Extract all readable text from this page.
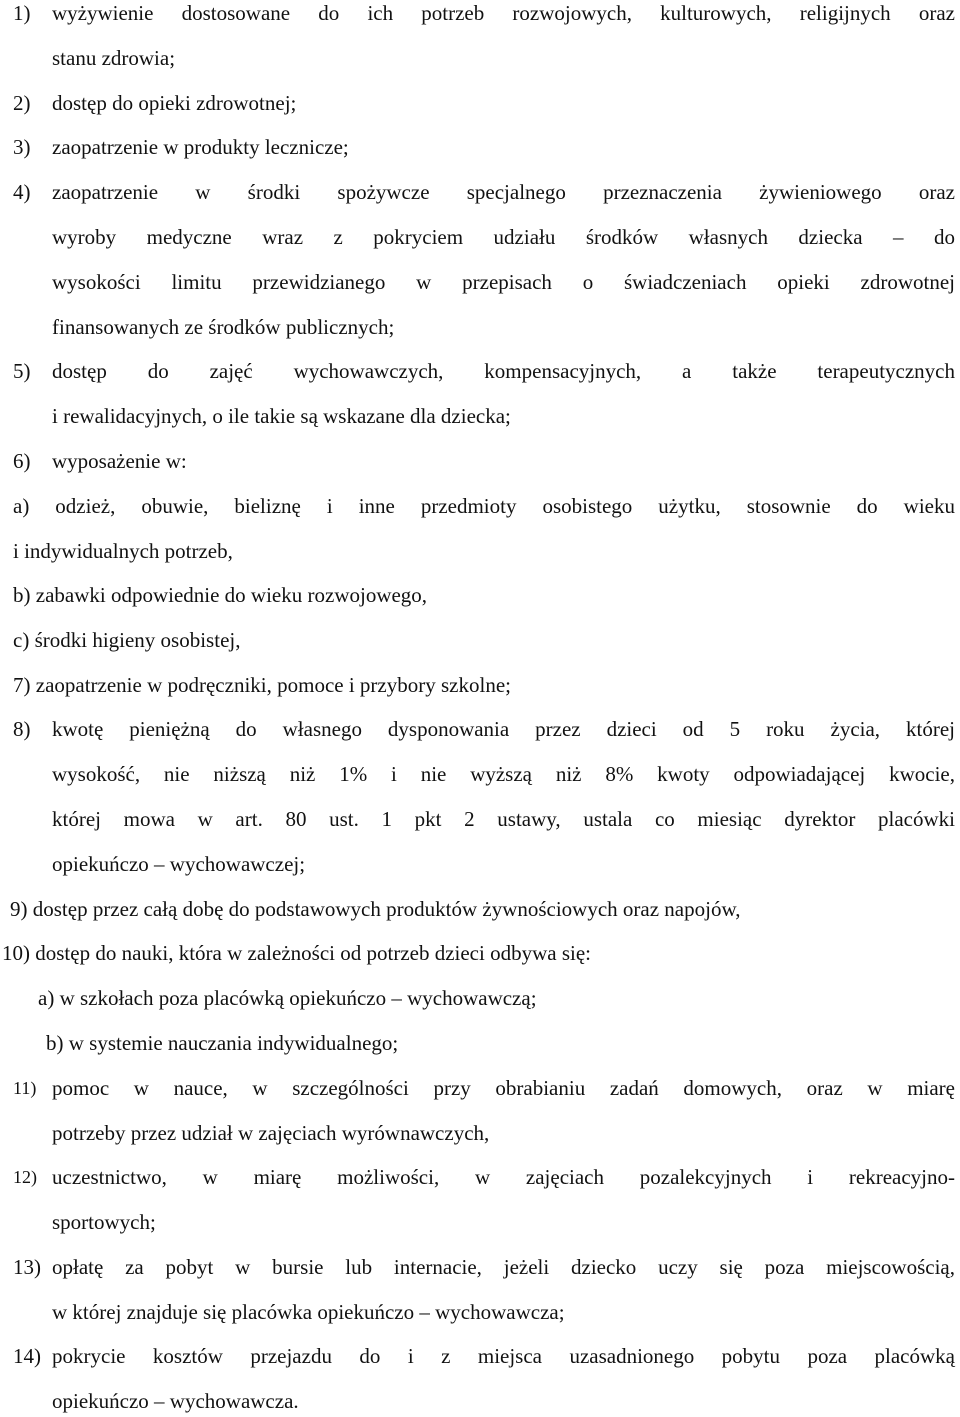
1) wyżywienie dostosowane do ich potrzeb rozwojowych, kulturowych, religijnych oraz
stanu zdrowia;
2) dostęp do opieki zdrowotnej;
3) zaopatrzenie w produkty lecznicze;
4) zaopatrzenie w środki spożywcze specjalnego przeznaczenia żywieniowego oraz
wyroby medyczne wraz z pokryciem udziału środków własnych dziecka – do
wysokości limitu przewidzianego w przepisach o świadczeniach opieki zdrowotnej
finansowanych ze środków publicznych;
5) dostęp do zajęć wychowawczych, kompensacyjnych, a także terapeutycznych
i rewalidacyjnych, o ile takie są wskazane dla dziecka;
6) wyposażenie w:
a) odzież, obuwie, bieliznę i inne przedmioty osobistego użytku, stosownie do wieku
i indywidualnych potrzeb,
b) zabawki odpowiednie do wieku rozwojowego,
c) środki higieny osobistej,
7) zaopatrzenie w podręczniki, pomoce i przybory szkolne;
8) kwotę pieniężną do własnego dysponowania przez dzieci od 5 roku życia, której
wysokość, nie niższą niż 1% i nie wyższą niż 8% kwoty odpowiadającej kwocie,
której mowa w art. 80 ust. 1 pkt 2 ustawy, ustala co miesiąc dyrektor placówki
opiekuńczo – wychowawczej;
9) dostęp przez całą dobę do podstawowych produktów żywnościowych oraz napojów,
10) dostęp do nauki, która w zależności od potrzeb dzieci odbywa się:
a) w szkołach poza placówką opiekuńczo – wychowawczą;
b) w systemie nauczania indywidualnego;
11) pomoc w nauce, w szczególności przy obrabianiu zadań domowych, oraz w miarę
potrzeby przez udział w zajęciach wyrównawczych,
12) uczestnictwo, w miarę możliwości, w zajęciach pozalekcyjnych i rekreacyjno-
sportowych;
13) opłatę za pobyt w bursie lub internacie, jeżeli dziecko uczy się poza miejscowością,
w której znajduje się placówka opiekuńczo – wychowawcza;
14) pokrycie kosztów przejazdu do i z miejsca uzasadnionego pobytu poza placówką
opiekuńczo – wychowawcza.
